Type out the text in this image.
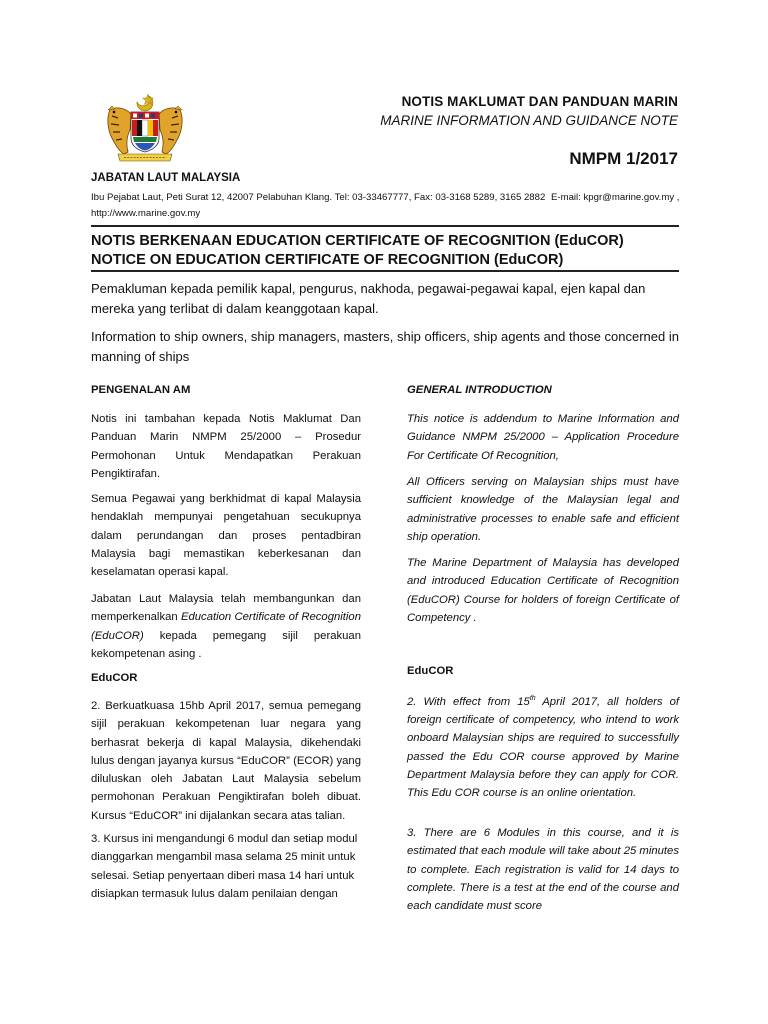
NOTIS MAKLUMAT DAN PANDUAN MARIN
MARINE INFORMATION AND GUIDANCE NOTE
NMPM 1/2017
JABATAN LAUT MALAYSIA
Ibu Pejabat Laut, Peti Surat 12, 42007 Pelabuhan Klang. Tel: 03-33467777, Fax: 03-3168 5289, 3165 2882 E-mail: kpgr@marine.gov.my ,
http://www.marine.gov.my
NOTIS BERKENAAN EDUCATION CERTIFICATE OF RECOGNITION (EduCOR)
NOTICE ON EDUCATION CERTIFICATE OF RECOGNITION (EduCOR)
Pemakluman kepada pemilik kapal, pengurus, nakhoda, pegawai-pegawai kapal, ejen kapal dan mereka yang terlibat di dalam keanggotaan kapal.
Information to ship owners, ship managers, masters, ship officers, ship agents and those concerned in manning of ships
PENGENALAN AM
Notis ini tambahan kepada Notis Maklumat Dan Panduan Marin NMPM 25/2000 – Prosedur Permohonan Untuk Mendapatkan Perakuan Pengiktirafan.
Semua Pegawai yang berkhidmat di kapal Malaysia hendaklah mempunyai pengetahuan secukupnya dalam perundangan dan proses pentadbiran Malaysia bagi memastikan keberkesanan dan keselamatan operasi kapal.
Jabatan Laut Malaysia telah membangunkan dan memperkenalkan Education Certificate of Recognition (EduCOR) kepada pemegang sijil perakuan kekompetenan asing .
EduCOR
2. Berkuatkuasa 15hb April 2017, semua pemegang sijil perakuan kekompetenan luar negara yang berhasrat bekerja di kapal Malaysia, dikehendaki lulus dengan jayanya kursus “EduCOR” (ECOR) yang diluluskan oleh Jabatan Laut Malaysia sebelum permohonan Perakuan Pengiktirafan boleh dibuat. Kursus “EduCOR” ini dijalankan secara atas talian.
3. Kursus ini mengandungi 6 modul dan setiap modul dianggarkan mengambil masa selama 25 minit untuk selesai. Setiap penyertaan diberi masa 14 hari untuk disiapkan termasuk lulus dalam penilaian dengan
GENERAL INTRODUCTION
This notice is addendum to Marine Information and Guidance NMPM 25/2000 – Application Procedure For Certificate Of Recognition,
All Officers serving on Malaysian ships must have sufficient knowledge of the Malaysian legal and administrative processes to enable safe and efficient ship operation.
The Marine Department of Malaysia has developed and introduced Education Certificate of Recognition (EduCOR) Course for holders of foreign Certificate of Competency .
EduCOR
2. With effect from 15th April 2017, all holders of foreign certificate of competency, who intend to work onboard Malaysian ships are required to successfully passed the Edu COR course approved by Marine Department Malaysia before they can apply for COR. This Edu COR course is an online orientation.
3. There are 6 Modules in this course, and it is estimated that each module will take about 25 minutes to complete. Each registration is valid for 14 days to complete. There is a test at the end of the course and each candidate must score
